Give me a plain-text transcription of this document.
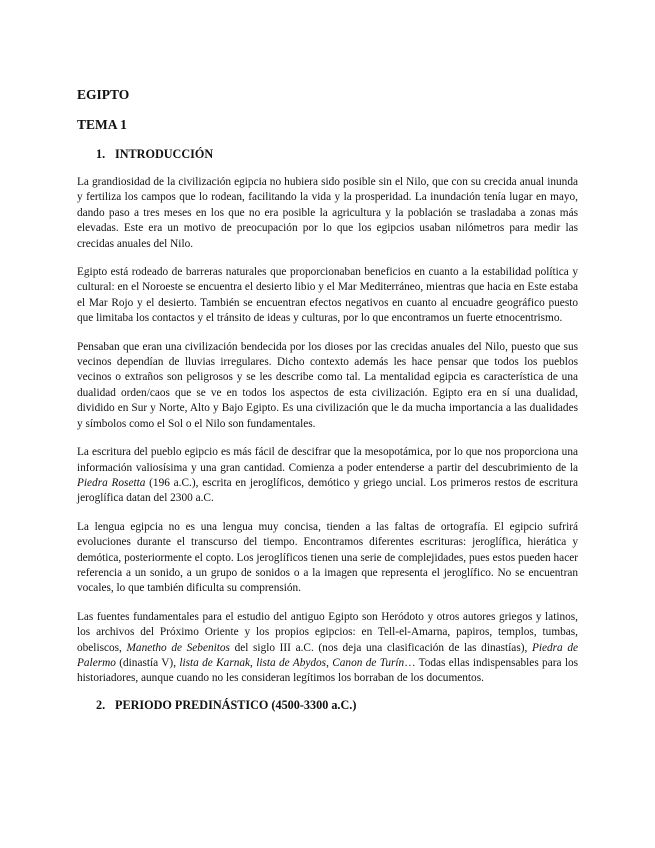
EGIPTO
TEMA 1
1. INTRODUCCIÓN

La grandiosidad de la civilización egipcia no hubiera sido posible sin el Nilo, que con su crecida anual inunda y fertiliza los campos que lo rodean, facilitando la vida y la prosperidad. La inundación tenía lugar en mayo, dando paso a tres meses en los que no era posible la agricultura y la población se trasladaba a zonas más elevadas. Este era un motivo de preocupación por lo que los egipcios usaban nilómetros para medir las crecidas anuales del Nilo.

Egipto está rodeado de barreras naturales que proporcionaban beneficios en cuanto a la estabilidad política y cultural: en el Noroeste se encuentra el desierto libio y el Mar Mediterráneo, mientras que hacia en Este estaba el Mar Rojo y el desierto. También se encuentran efectos negativos en cuanto al encuadre geográfico puesto que limitaba los contactos y el tránsito de ideas y culturas, por lo que encontramos un fuerte etnocentrismo.

Pensaban que eran una civilización bendecida por los dioses por las crecidas anuales del Nilo, puesto que sus vecinos dependían de lluvias irregulares. Dicho contexto además les hace pensar que todos los pueblos vecinos o extraños son peligrosos y se les describe como tal. La mentalidad egipcia es característica de una dualidad orden/caos que se ve en todos los aspectos de esta civilización. Egipto era en sí una dualidad, dividido en Sur y Norte, Alto y Bajo Egipto. Es una civilización que le da mucha importancia a las dualidades y símbolos como el Sol o el Nilo son fundamentales.

La escritura del pueblo egipcio es más fácil de descifrar que la mesopotámica, por lo que nos proporciona una información valiosísima y una gran cantidad. Comienza a poder entenderse a partir del descubrimiento de la Piedra Rosetta (196 a.C.), escrita en jeroglíficos, demótico y griego uncial. Los primeros restos de escritura jeroglífica datan del 2300 a.C.

La lengua egipcia no es una lengua muy concisa, tienden a las faltas de ortografía. El egipcio sufrirá evoluciones durante el transcurso del tiempo. Encontramos diferentes escrituras: jeroglífica, hierática y demótica, posteriormente el copto. Los jeroglíficos tienen una serie de complejidades, pues estos pueden hacer referencia a un sonido, a un grupo de sonidos o a la imagen que representa el jeroglífico. No se encuentran vocales, lo que también dificulta su comprensión.

Las fuentes fundamentales para el estudio del antiguo Egipto son Heródoto y otros autores griegos y latinos, los archivos del Próximo Oriente y los propios egipcios: en Tell-el-Amarna, papiros, templos, tumbas, obeliscos, Manetho de Sebenitos del siglo III a.C. (nos deja una clasificación de las dinastías), Piedra de Palermo (dinastía V), lista de Karnak, lista de Abydos, Canon de Turín… Todas ellas indispensables para los historiadores, aunque cuando no les consideran legítimos los borraban de los documentos.

2. PERIODO PREDINÁSTICO (4500-3300 a.C.)
